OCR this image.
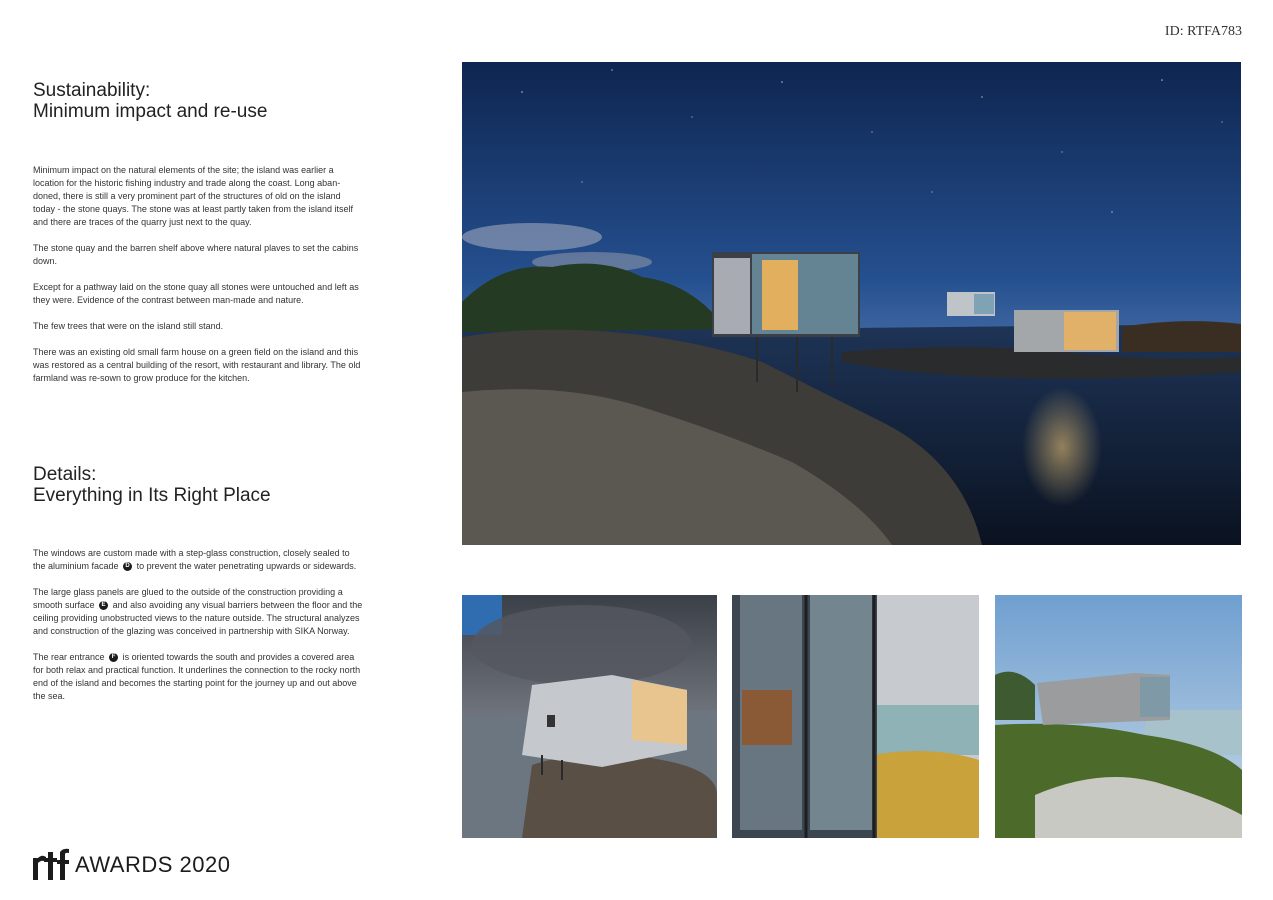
ID: RTFA783
Sustainability:
Minimum impact and re-use

Minimum impact on the natural elements of the site; the island was earlier a location for the historic fishing industry and trade along the coast. Long aban-doned, there is still a very prominent part of the structures of old on the island today - the stone quays. The stone was at least partly taken from the island itself and there are traces of the quarry just next to the quay.

The stone quay and the barren shelf above where natural plaves to set the cabins down.

Except for a pathway laid on the stone quay all stones were untouched and left as they were. Evidence of the contrast between man-made and nature.

The few trees that were on the island still stand.

There was an existing old small farm house on a green field on the island and this was restored as a central building of the resort, with restaurant and library. The old farmland was re-sown to grow produce for the kitchen.

Details:
Everything in Its Right Place

The windows are custom made with a step-glass construction, closely sealed to the aluminium facade D to prevent the water penetrating upwards or sidewards.

The large glass panels are glued to the outside of the construction providing a smooth surface E and also avoiding any visual barriers between the floor and the ceiling providing unobstructed views to the nature outside. The structural analyzes and construction of the glazing was conceived in partnership with SIKA Norway.

The rear entrance F is oriented towards the south and provides a covered area for both relax and practical function. It underlines the connection to the rocky north end of the island and becomes the starting point for the journey up and out above the sea.

AWARDS 2020
